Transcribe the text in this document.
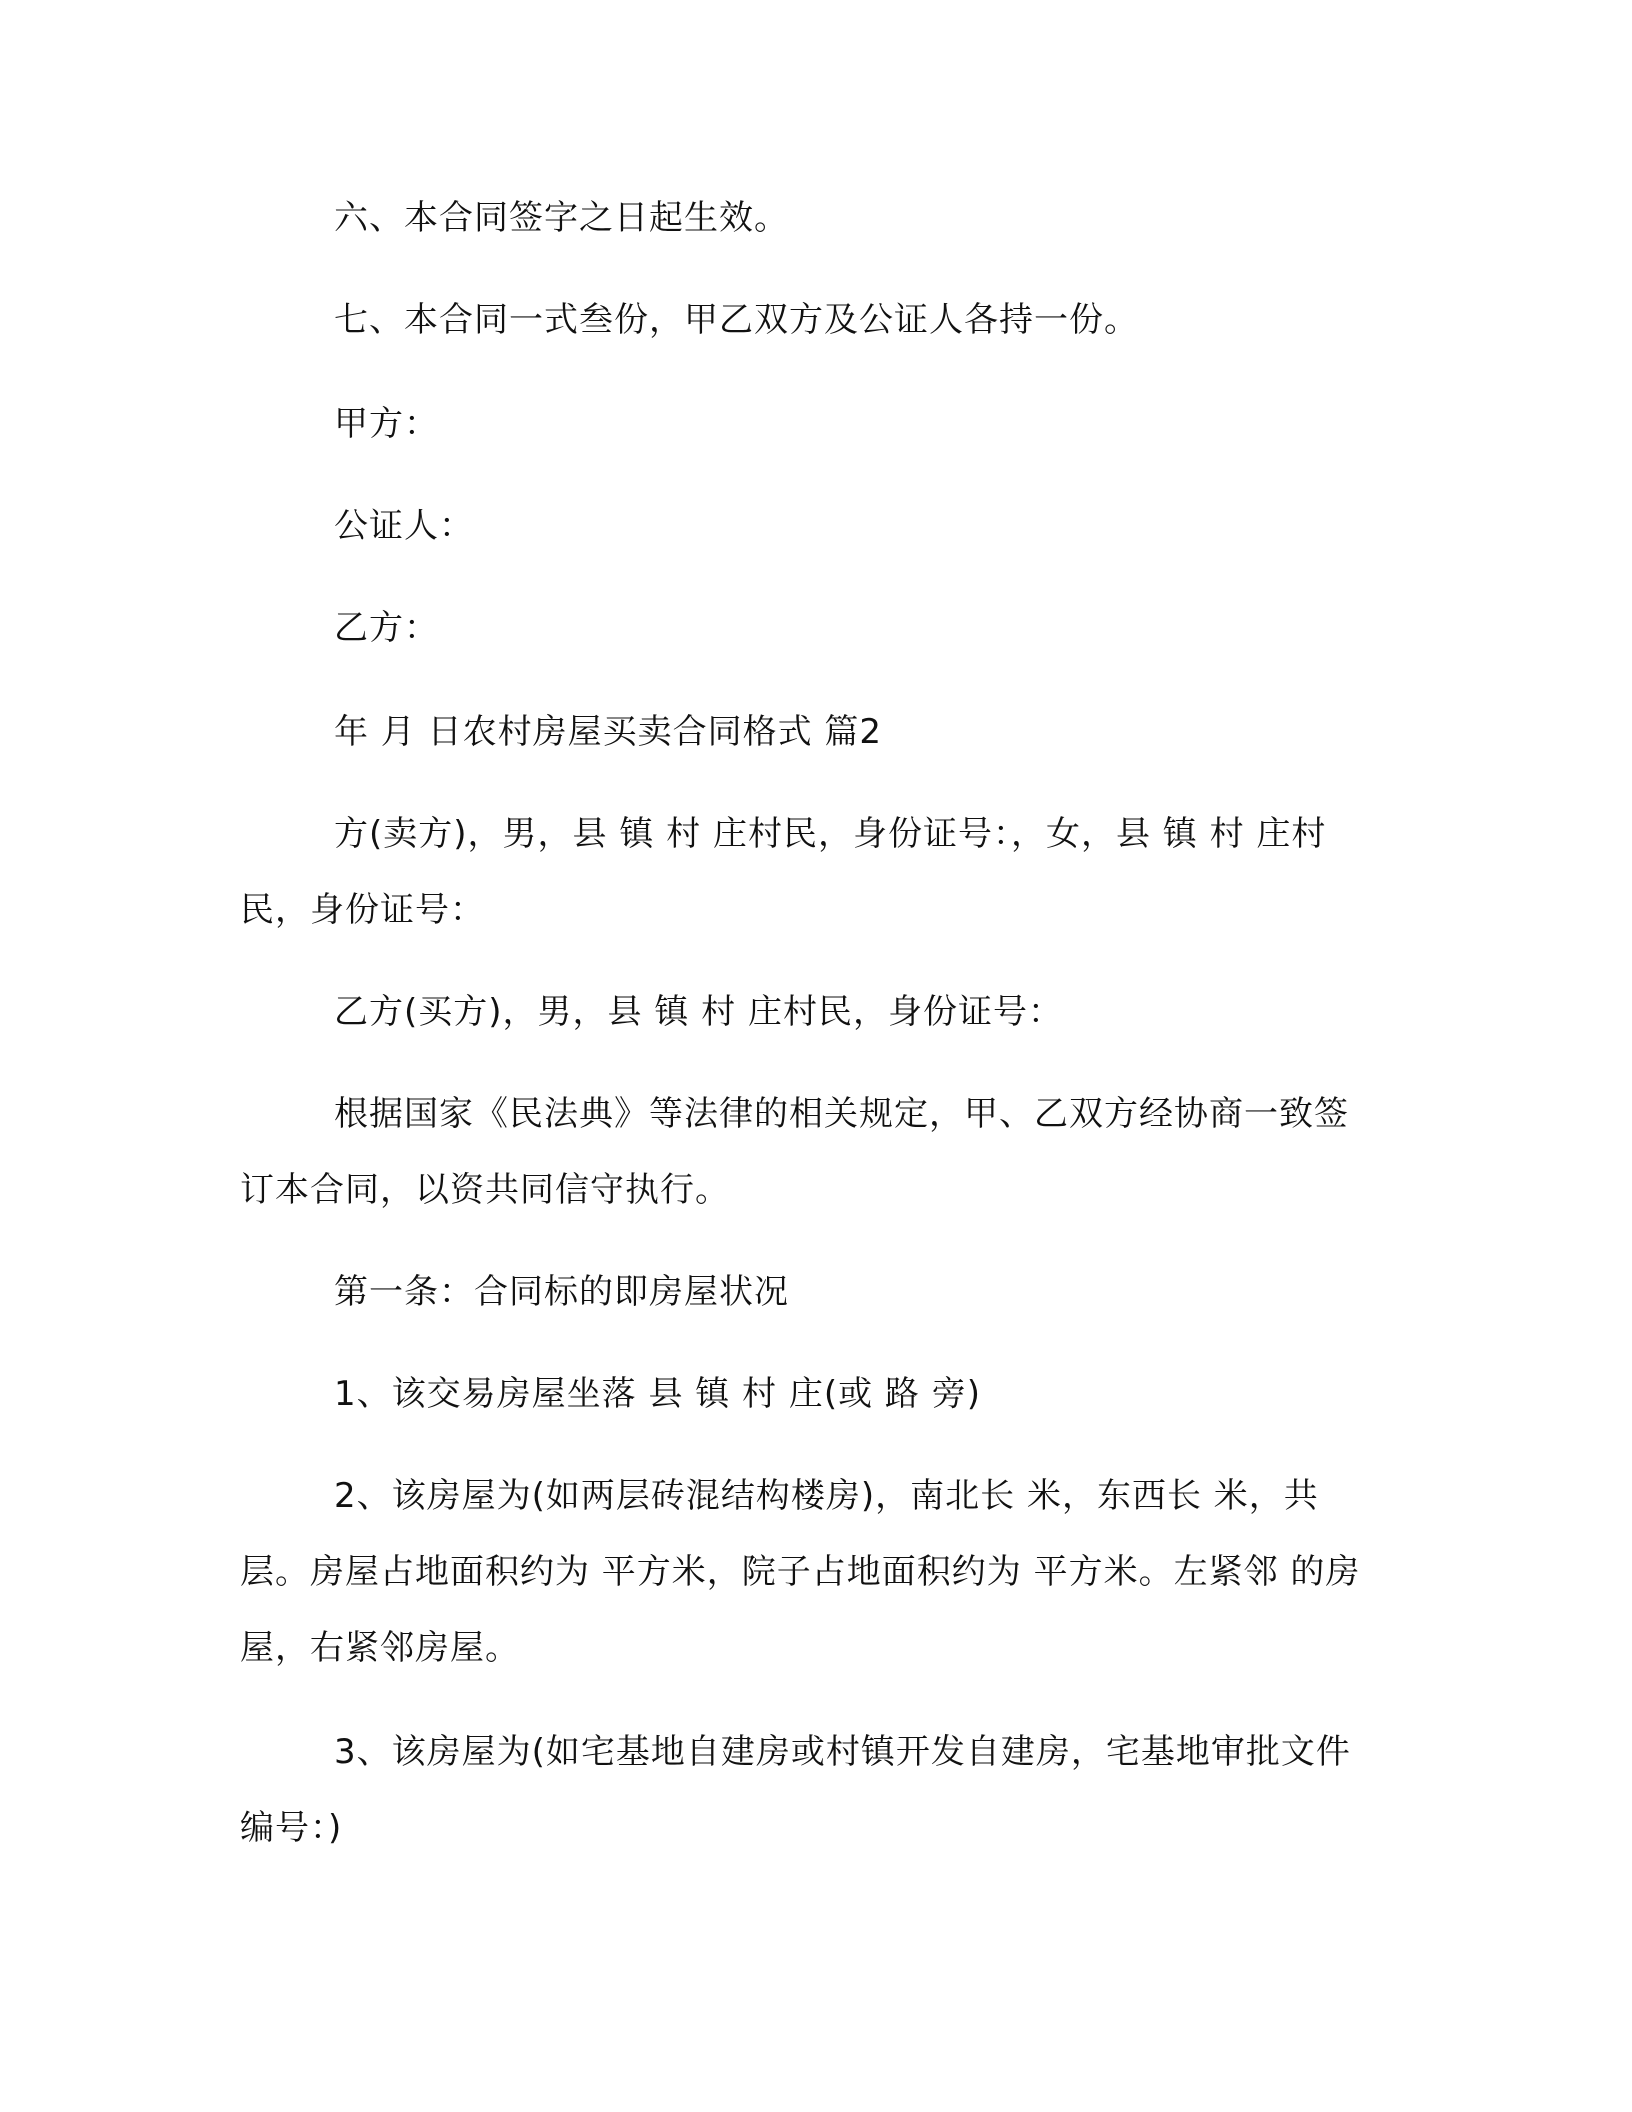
六、本合同签字之日起生效。

七、本合同一式叁份，甲乙双方及公证人各持一份。

甲方：

公证人：

乙方：

年 月 日农村房屋买卖合同格式 篇2

方(卖方)，男，县 镇 村 庄村民，身份证号：，女，县 镇 村 庄村民，身份证号：

乙方(买方)，男，县 镇 村 庄村民，身份证号：

根据国家《民法典》等法律的相关规定，甲、乙双方经协商一致签订本合同，以资共同信守执行。

第一条：合同标的即房屋状况

1、该交易房屋坐落 县 镇 村 庄(或 路 旁)

2、该房屋为(如两层砖混结构楼房)，南北长 米，东西长 米，共 层。房屋占地面积约为 平方米，院子占地面积约为 平方米。左紧邻 的房屋，右紧邻房屋。

3、该房屋为(如宅基地自建房或村镇开发自建房，宅基地审批文件编号：)
